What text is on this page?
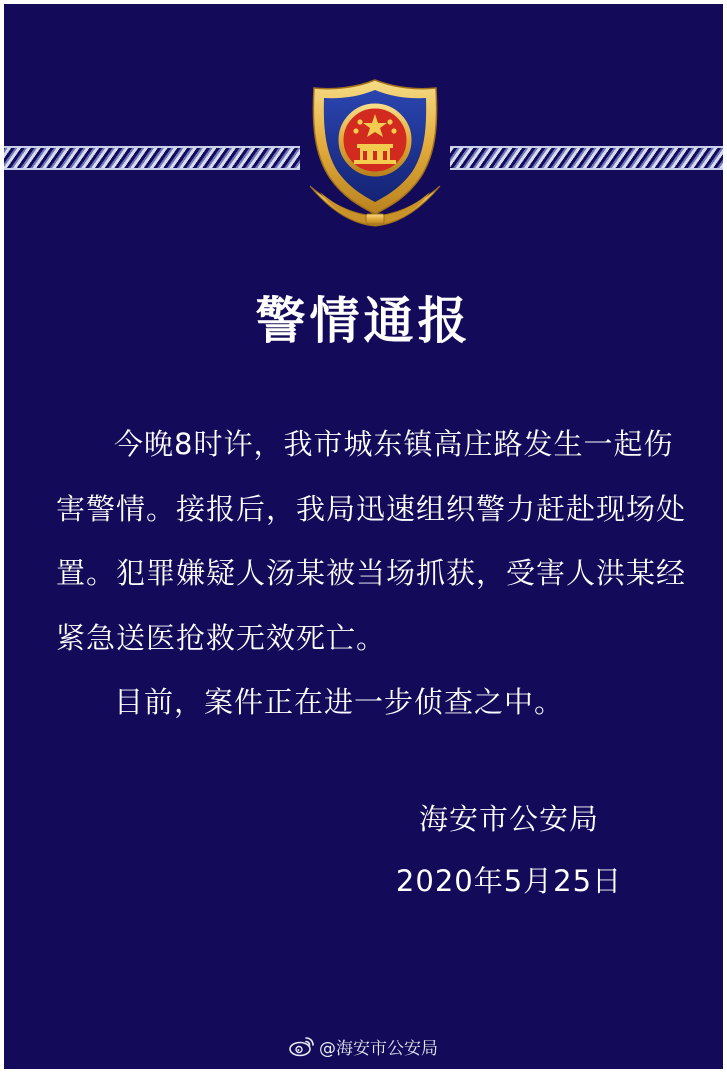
警情通报

今晚8时许，我市城东镇高庄路发生一起伤害警情。接报后，我局迅速组织警力赶赴现场处置。犯罪嫌疑人汤某被当场抓获，受害人洪某经紧急送医抢救无效死亡。

目前，案件正在进一步侦查之中。

海安市公安局
2020年5月25日
@海安市公安局
